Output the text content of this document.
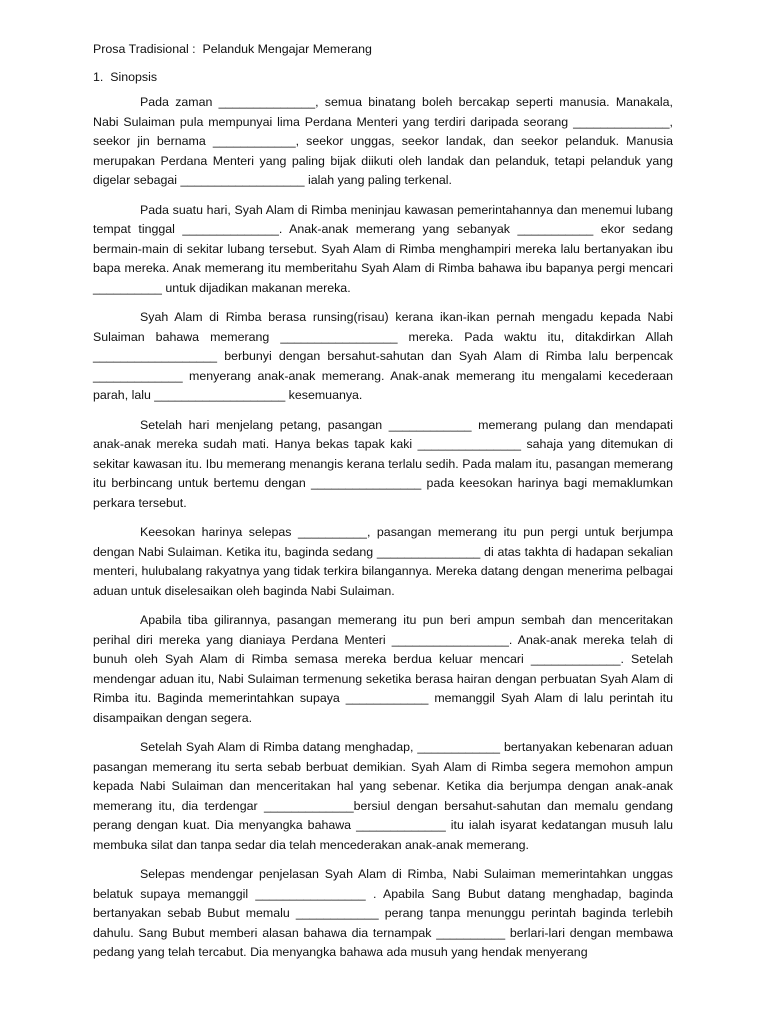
Prosa Tradisional :  Pelanduk Mengajar Memerang
1.  Sinopsis

Pada zaman ______________, semua binatang boleh bercakap seperti manusia. Manakala, Nabi Sulaiman pula mempunyai lima Perdana Menteri yang terdiri daripada seorang ______________, seekor jin bernama ____________, seekor unggas, seekor landak, dan seekor pelanduk. Manusia merupakan Perdana Menteri yang paling bijak diikuti oleh landak dan pelanduk, tetapi pelanduk yang digelar sebagai __________________ ialah yang paling terkenal.

Pada suatu hari, Syah Alam di Rimba meninjau kawasan pemerintahannya dan menemui lubang tempat tinggal ______________. Anak-anak memerang yang sebanyak ___________ ekor sedang bermain-main di sekitar lubang tersebut. Syah Alam di Rimba menghampiri mereka lalu bertanyakan ibu bapa mereka. Anak memerang itu memberitahu Syah Alam di Rimba bahawa ibu bapanya pergi mencari __________ untuk dijadikan makanan mereka.

Syah Alam di Rimba berasa runsing(risau) kerana ikan-ikan pernah mengadu kepada Nabi Sulaiman bahawa memerang _________________ mereka. Pada waktu itu, ditakdirkan Allah __________________ berbunyi dengan bersahut-sahutan dan Syah Alam di Rimba lalu berpencak _____________ menyerang anak-anak memerang. Anak-anak memerang itu mengalami kecederaan parah, lalu ___________________ kesemuanya.

Setelah hari menjelang petang, pasangan ____________ memerang pulang dan mendapati anak-anak mereka sudah mati. Hanya bekas tapak kaki _______________ sahaja yang ditemukan di sekitar kawasan itu. Ibu memerang menangis kerana terlalu sedih. Pada malam itu, pasangan memerang itu berbincang untuk bertemu dengan ________________ pada keesokan harinya bagi memaklumkan perkara tersebut.

Keesokan harinya selepas __________, pasangan memerang itu pun pergi untuk berjumpa dengan Nabi Sulaiman. Ketika itu, baginda sedang _______________ di atas takhta di hadapan sekalian menteri, hulubalang rakyatnya yang tidak terkira bilangannya. Mereka datang dengan menerima pelbagai aduan untuk diselesaikan oleh baginda Nabi Sulaiman.

Apabila tiba gilirannya, pasangan memerang itu pun beri ampun sembah dan menceritakan perihal diri mereka yang dianiaya Perdana Menteri _________________. Anak-anak mereka telah di bunuh oleh Syah Alam di Rimba semasa mereka berdua keluar mencari _____________. Setelah mendengar aduan itu, Nabi Sulaiman termenung seketika berasa hairan dengan perbuatan Syah Alam di Rimba itu. Baginda memerintahkan supaya ____________ memanggil Syah Alam di lalu perintah itu disampaikan dengan segera.

Setelah Syah Alam di Rimba datang menghadap, ____________ bertanyakan kebenaran aduan pasangan memerang itu serta sebab berbuat demikian. Syah Alam di Rimba segera memohon ampun kepada Nabi Sulaiman dan menceritakan hal yang sebenar. Ketika dia berjumpa dengan anak-anak memerang itu, dia terdengar _____________bersiul dengan bersahut-sahutan dan memalu gendang perang dengan kuat. Dia menyangka bahawa _____________ itu ialah isyarat kedatangan musuh lalu membuka silat dan tanpa sedar dia telah mencederakan anak-anak memerang.

Selepas mendengar penjelasan Syah Alam di Rimba, Nabi Sulaiman memerintahkan unggas belatuk supaya memanggil ________________ . Apabila Sang Bubut datang menghadap, baginda bertanyakan sebab Bubut memalu ____________ perang tanpa menunggu perintah baginda terlebih dahulu. Sang Bubut memberi alasan bahawa dia ternampak __________ berlari-lari dengan membawa pedang yang telah tercabut. Dia menyangka bahawa ada musuh yang hendak menyerang
